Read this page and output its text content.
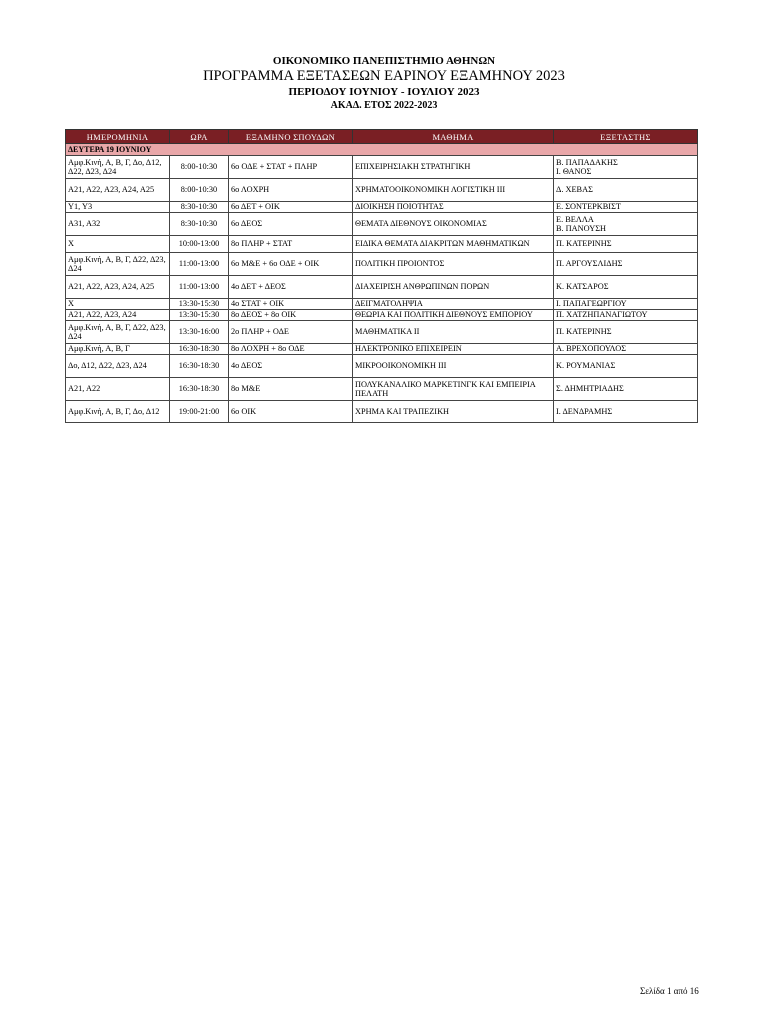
ΟΙΚΟΝΟΜΙΚΟ ΠΑΝΕΠΙΣΤΗΜΙΟ ΑΘΗΝΩΝ
ΠΡΟΓΡΑΜΜΑ ΕΞΕΤΑΣΕΩΝ ΕΑΡΙΝΟΥ ΕΞΑΜΗΝΟΥ 2023
ΠΕΡΙΟΔΟΥ ΙΟΥΝΙΟΥ - ΙΟΥΛΙΟΥ 2023
ΑΚΑΔ. ΕΤΟΣ 2022-2023
ΗΜΕΡΟΜΗΝΙΑ	ΩΡΑ	ΕΞΑΜΗΝΟ ΣΠΟΥΔΩΝ	ΜΑΘΗΜΑ	ΕΞΕΤΑΣΤΗΣ
ΔΕΥΤΕΡΑ 19 ΙΟΥΝΙΟΥ				
Αμφ.Κινή, Α, Β, Γ, Δο, Δ12, Δ22, Δ23, Δ24	8:00-10:30	6ο ΟΔΕ + ΣΤΑΤ + ΠΛΗΡ	ΕΠΙΧΕΙΡΗΣΙΑΚΗ ΣΤΡΑΤΗΓΙΚΗ	Β. ΠΑΠΑΔΑΚΗΣ
Ι. ΘΑΝΟΣ
Α21, Α22, Α23, Α24, Α25	8:00-10:30	6ο ΛΟΧΡΗ	ΧΡΗΜΑΤΟΟΙΚΟΝΟΜΙΚΗ ΛΟΓΙΣΤΙΚΗ ΙΙΙ	Δ. ΧΕΒΑΣ
Υ1, Υ3	8:30-10:30	6ο ΔΕΤ + ΟΙΚ	ΔΙΟΙΚΗΣΗ ΠΟΙΟΤΗΤΑΣ	Ε. ΣΟΝΤΕΡΚΒΙΣΤ
Α31, Α32	8:30-10:30	6ο ΔΕΟΣ	ΘΕΜΑΤΑ ΔΙΕΘΝΟΥΣ ΟΙΚΟΝΟΜΙΑΣ	Ε. ΒΕΛΛΑ
Β. ΠΑΝΟΥΣΗ
Χ	10:00-13:00	8ο ΠΛΗΡ + ΣΤΑΤ	ΕΙΔΙΚΑ ΘΕΜΑΤΑ ΔΙΑΚΡΙΤΩΝ ΜΑΘΗΜΑΤΙΚΩΝ	Π. ΚΑΤΕΡΙΝΗΣ
Αμφ.Κινή, Α, Β, Γ, Δ22, Δ23, Δ24	11:00-13:00	6ο Μ&Ε + 6ο ΟΔΕ + ΟΙΚ	ΠΟΛΙΤΙΚΗ ΠΡΟΙΟΝΤΟΣ	Π. ΑΡΓΟΥΣΛΙΔΗΣ
Α21, Α22, Α23, Α24, Α25	11:00-13:00	4ο ΔΕΤ + ΔΕΟΣ	ΔΙΑΧΕΙΡΙΣΗ ΑΝΘΡΩΠΙΝΩΝ ΠΟΡΩΝ	Κ. ΚΑΤΣΑΡΟΣ
Χ	13:30-15:30	4ο ΣΤΑΤ + ΟΙΚ	ΔΕΙΓΜΑΤΟΛΗΨΙΑ	Ι. ΠΑΠΑΓΕΩΡΓΙΟΥ
Α21, Α22, Α23, Α24	13:30-15:30	8ο ΔΕΟΣ + 8ο ΟΙΚ	ΘΕΩΡΙΑ ΚΑΙ ΠΟΛΙΤΙΚΗ ΔΙΕΘΝΟΥΣ ΕΜΠΟΡΙΟΥ	Π. ΧΑΤΖΗΠΑΝΑΓΙΩΤΟΥ
Αμφ.Κινή, Α, Β, Γ, Δ22, Δ23, Δ24	13:30-16:00	2ο ΠΛΗΡ + ΟΔΕ	ΜΑΘΗΜΑΤΙΚΑ ΙΙ	Π. ΚΑΤΕΡΙΝΗΣ
Αμφ.Κινή, Α, Β, Γ	16:30-18:30	8ο ΛΟΧΡΗ + 8ο ΟΔΕ	ΗΛΕΚΤΡΟΝΙΚΟ ΕΠΙΧΕΙΡΕΙΝ	Α. ΒΡΕΧΟΠΟΥΛΟΣ
Δο, Δ12, Δ22, Δ23, Δ24	16:30-18:30	4ο ΔΕΟΣ	ΜΙΚΡΟΟΙΚΟΝΟΜΙΚΗ ΙΙΙ	Κ. ΡΟΥΜΑΝΙΑΣ
Α21, Α22	16:30-18:30	8ο Μ&Ε	ΠΟΛΥΚΑΝΑΛΙΚΟ ΜΑΡΚΕΤΙΝΓΚ ΚΑΙ ΕΜΠΕΙΡΙΑ ΠΕΛΑΤΗ	Σ. ΔΗΜΗΤΡΙΑΔΗΣ
Αμφ.Κινή, Α, Β, Γ, Δο, Δ12	19:00-21:00	6ο ΟΙΚ	ΧΡΗΜΑ ΚΑΙ ΤΡΑΠΕΖΙΚΗ	Ι. ΔΕΝΔΡΑΜΗΣ
Σελίδα 1 από 16
